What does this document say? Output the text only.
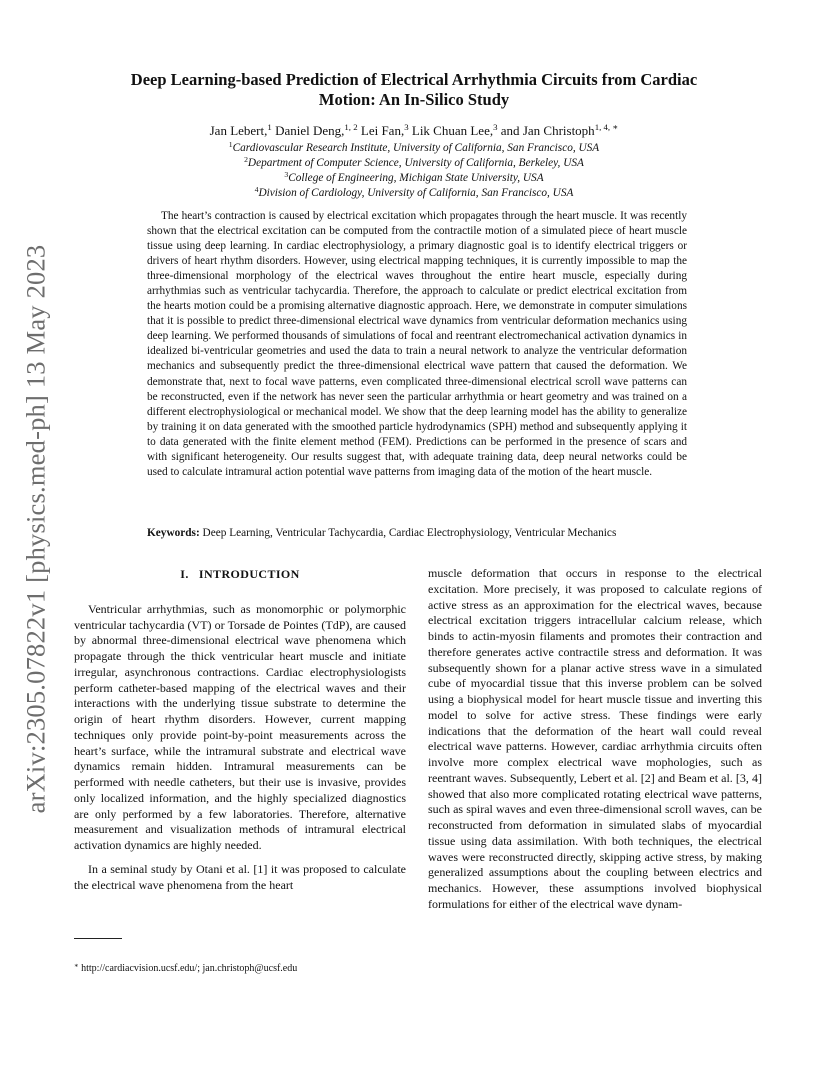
arXiv:2305.07822v1 [physics.med-ph] 13 May 2023
Deep Learning-based Prediction of Electrical Arrhythmia Circuits from Cardiac
Motion: An In-Silico Study
Jan Lebert,$^1$ Daniel Deng,$^{1, 2}$ Lei Fan,$^3$ Lik Chuan Lee,$^3$ and Jan Christoph$^{1, 4, ∗}$
$^1$Cardiovascular Research Institute, University of California, San Francisco, USA
$^2$Department of Computer Science, University of California, Berkeley, USA
$^3$College of Engineering, Michigan State University, USA
$^4$Division of Cardiology, University of California, San Francisco, USA
The heart’s contraction is caused by electrical excitation which propagates through the heart muscle. It was recently shown that the electrical excitation can be computed from the contractile motion of a simulated piece of heart muscle tissue using deep learning. In cardiac electrophysiology, a primary diagnostic goal is to identify electrical triggers or drivers of heart rhythm disorders. However, using electrical mapping techniques, it is currently impossible to map the three-dimensional morphology of the electrical waves throughout the entire heart muscle, especially during arrhythmias such as ventricular tachycardia. Therefore, the approach to calculate or predict electrical excitation from the hearts motion could be a promising alternative diagnostic approach. Here, we demonstrate in computer simulations that it is possible to predict three-dimensional electrical wave dynamics from ventricular deformation mechanics using deep learning. We performed thousands of simulations of focal and reentrant electromechanical activation dynamics in idealized bi-ventricular geometries and used the data to train a neural network to analyze the ventricular deformation mechanics and subsequently predict the three-dimensional electrical wave pattern that caused the deformation. We demonstrate that, next to focal wave patterns, even complicated three-dimensional electrical scroll wave patterns can be reconstructed, even if the network has never seen the particular arrhythmia or heart geometry and was trained on a different electrophysiological or mechanical model. We show that the deep learning model has the ability to generalize by training it on data generated with the smoothed particle hydrodynamics (SPH) method and subsequently applying it to data generated with the finite element method (FEM). Predictions can be performed in the presence of scars and with significant heterogeneity. Our results suggest that, with adequate training data, deep neural networks could be used to calculate intramural action potential wave patterns from imaging data of the motion of the heart muscle.
Keywords: Deep Learning, Ventricular Tachycardia, Cardiac Electrophysiology, Ventricular Mechanics
I.   INTRODUCTION

Ventricular arrhythmias, such as monomorphic or polymorphic ventricular tachycardia (VT) or Torsade de Pointes (TdP), are caused by abnormal three-dimensional electrical wave phenomena which propagate through the thick ventricular heart muscle and initiate irregular, asynchronous contractions. Cardiac electrophysiologists perform catheter-based mapping of the electrical waves and their interactions with the underlying tissue substrate to determine the origin of heart rhythm disorders. However, current mapping techniques only provide point-by-point measurements across the heart’s surface, while the intramural substrate and electrical wave dynamics remain hidden. Intramural measurements can be performed with needle catheters, but their use is invasive, provides only localized information, and the highly specialized diagnostics are only performed by a few laboratories. Therefore, alternative measurement and visualization methods of intramural electrical activation dynamics are highly needed.

In a seminal study by Otani et al. [1] it was proposed to calculate the electrical wave phenomena from the heart

muscle deformation that occurs in response to the electrical excitation. More precisely, it was proposed to calculate regions of active stress as an approximation for the electrical waves, because electrical excitation triggers intracellular calcium release, which binds to actin-myosin filaments and promotes their contraction and therefore generates active contractile stress and deformation. It was subsequently shown for a planar active stress wave in a simulated cube of myocardial tissue that this inverse problem can be solved using a biophysical model for heart muscle tissue and inverting this model to solve for active stress. These findings were early indications that the deformation of the heart wall could reveal electrical wave patterns. However, cardiac arrhythmia circuits often involve more complex electrical wave mophologies, such as reentrant waves. Subsequently, Lebert et al. [2] and Beam et al. [3, 4] showed that also more complicated rotating electrical wave patterns, such as spiral waves and even three-dimensional scroll waves, can be reconstructed from deformation in simulated slabs of myocardial tissue using data assimilation. With both techniques, the electrical waves were reconstructed directly, skipping active stress, by making generalized assumptions about the coupling between electrics and mechanics. However, these assumptions involved biophysical formulations for either of the electrical wave dynam-

∗ http://cardiacvision.ucsf.edu/; jan.christoph@ucsf.edu
